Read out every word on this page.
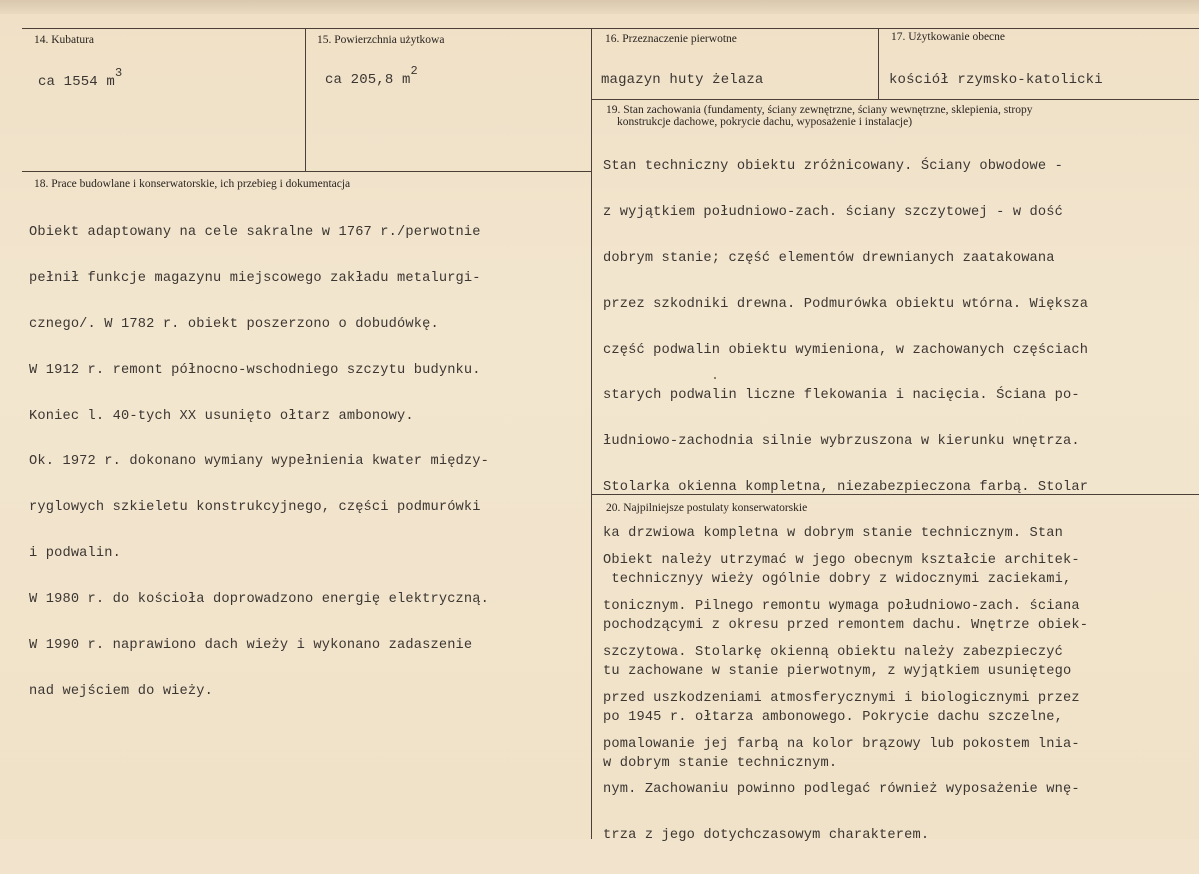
14. Kubatura
ca 1554 m3
15. Powierzchnia użytkowa
ca 205,8 m2
16. Przeznaczenie pierwotne
magazyn huty żelaza
17. Użytkowanie obecne
kościół rzymsko-katolicki
18. Prace budowlane i konserwatorskie, ich przebieg i dokumentacja

Obiekt adaptowany na cele sakralne w 1767 r./perwotnie

pełnił funkcje magazynu miejscowego zakładu metalurgi-

cznego/. W 1782 r. obiekt poszerzono o dobudówkę.

W 1912 r. remont północno-wschodniego szczytu budynku.

Koniec l. 40-tych XX usunięto ołtarz ambonowy.

Ok. 1972 r. dokonano wymiany wypełnienia kwater między-

ryglowych szkieletu konstrukcyjnego, części podmurówki

i podwalin.

W 1980 r. do kościoła doprowadzono energię elektryczną.

W 1990 r. naprawiono dach wieży i wykonano zadaszenie

nad wejściem do wieży.

19. Stan zachowania (fundamenty, ściany zewnętrzne, ściany wewnętrzne, sklepienia, stropy
konstrukcje dachowe, pokrycie dachu, wyposażenie i instalacje)

Stan techniczny obiektu zróżnicowany. Ściany obwodowe -

z wyjątkiem południowo-zach. ściany szczytowej - w dość

dobrym stanie; część elementów drewnianych zaatakowana

przez szkodniki drewna. Podmurówka obiektu wtórna. Większa

część podwalin obiektu wymieniona, w zachowanych częściach

starych podwalin liczne flekowania i nacięcia. Ściana po-

łudniowo-zachodnia silnie wybrzuszona w kierunku wnętrza.

Stolarka okienna kompletna, niezabezpieczona farbą. Stolar

ka drzwiowa kompletna w dobrym stanie technicznym. Stan

technicznyy wieży ogólnie dobry z widocznymi zaciekami,

pochodzącymi z okresu przed remontem dachu. Wnętrze obiek-

tu zachowane w stanie pierwotnym, z wyjątkiem usuniętego

po 1945 r. ołtarza ambonowego. Pokrycie dachu szczelne,

w dobrym stanie technicznym.

20. Najpilniejsze postulaty konserwatorskie

Obiekt należy utrzymać w jego obecnym kształcie architek-

tonicznym. Pilnego remontu wymaga południowo-zach. ściana

szczytowa. Stolarkę okienną obiektu należy zabezpieczyć

przed uszkodzeniami atmosferycznymi i biologicznymi przez

pomalowanie jej farbą na kolor brązowy lub pokostem lnia-

nym. Zachowaniu powinno podlegać również wyposażenie wnę-

trza z jego dotychczasowym charakterem.
